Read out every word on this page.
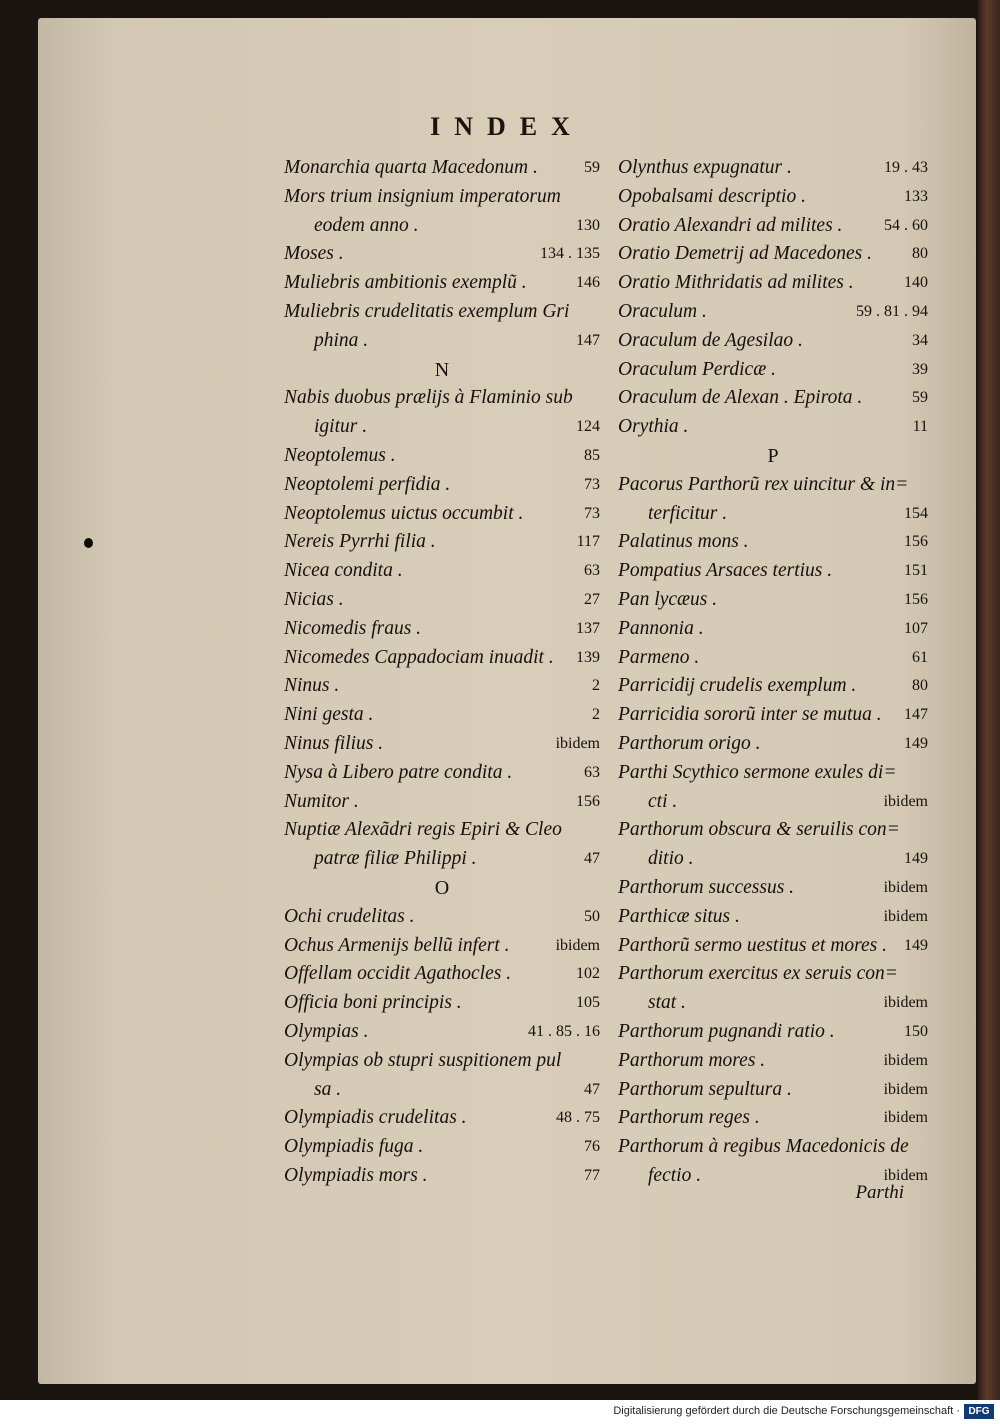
INDEX
Monarchia quarta Macedonum .	59
Mors trium insignium imperatorum
eodem anno .	130
Moses .	134 . 135
Muliebris ambitionis exemplũ .	146
Muliebris crudelitatis exemplum Gri
phina .	147
N
Nabis duobus prælijs à Flaminio sub
igitur .	124
Neoptolemus .	85
Neoptolemi perfidia .	73
Neoptolemus uictus occumbit .	73
Nereis Pyrrhi filia .	117
Nicea condita .	63
Nicias .	27
Nicomedis fraus .	137
Nicomedes Cappadociam inuadit . 139
Ninus .	2
Nini gesta .	2
Ninus filius .	ibidem
Nysa à Libero patre condita .	63
Numitor .	156
Nuptiæ Alexãdri regis Epiri & Cleo
patræ filiæ Philippi .	47
O
Ochi crudelitas .	50
Ochus Armenijs bellũ infert .	ibidem
Offellam occidit Agathocles .	102
Officia boni principis .	105
Olympias .	41 . 85 . 16
Olympias ob stupri suspitionem pul
sa .	47
Olympiadis crudelitas .	48 . 75
Olympiadis fuga .	76
Olympiadis mors .	77
Olynthus expugnatur .	19 . 43
Opobalsami descriptio .	133
Oratio Alexandri ad milites .	54 . 60
Oratio Demetrij ad Macedones .	80
Oratio Mithridatis ad milites .	140
Oraculum .	59 . 81 . 94
Oraculum de Agesilao .	34
Oraculum Perdicæ .	39
Oraculum de Alexan . Epirota .	59
Orythia .	11
P
Pacorus Parthorũ rex uincitur & in=
terficitur .	154
Palatinus mons .	156
Pompatius Arsaces tertius .	151
Pan lycæus .	156
Pannonia .	107
Parmeno .	61
Parricidij crudelis exemplum .	80
Parricidia sororũ inter se mutua . 147
Parthorum origo .	149
Parthi Scythico sermone exules di=
cti .	ibidem
Parthorum obscura & seruilis con=
ditio .	149
Parthorum successus .	ibidem
Parthicæ situs .	ibidem
Parthorũ sermo uestitus et mores . 149
Parthorum exercitus ex seruis con=
stat .	ibidem
Parthorum pugnandi ratio .	150
Parthorum mores .	ibidem
Parthorum sepultura .	ibidem
Parthorum reges .	ibidem
Parthorum à regibus Macedonicis de
fectio .	ibidem
Parthi
Digitalisierung gefördert durch die Deutsche Forschungsgemeinschaft · DFG
